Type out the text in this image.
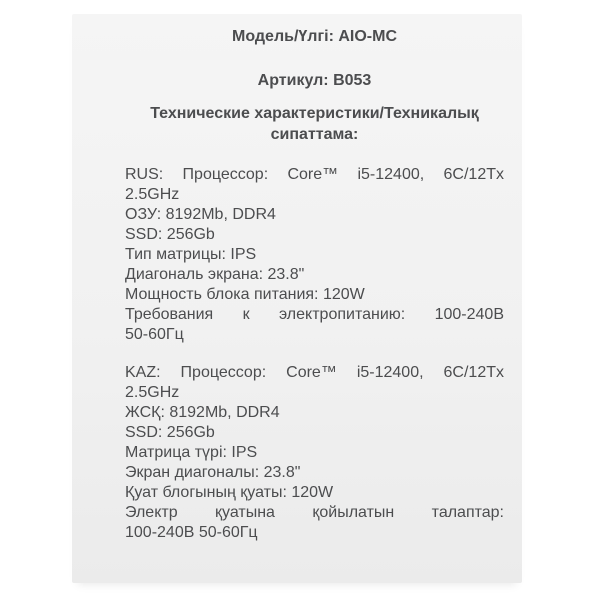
Модель/Үлгі: AIO-MC
Артикул: B053
Технические характеристики/Техникалық сипаттама:
RUS: Процессор: Core™ i5-12400, 6C/12Tx
2.5GHz
ОЗУ: 8192Mb, DDR4
SSD: 256Gb
Тип матрицы: IPS
Диагональ экрана: 23.8"
Мощность блока питания: 120W
Требования к электропитанию: 100-240В
50-60Гц
KAZ: Процессор: Core™ i5-12400, 6C/12Tx
2.5GHz
ЖСҚ: 8192Mb, DDR4
SSD: 256Gb
Матрица түрі: IPS
Экран диагоналы: 23.8"
Қуат блогының қуаты: 120W
Электр қуатына қойылатын талаптар:
100-240В 50-60Гц
